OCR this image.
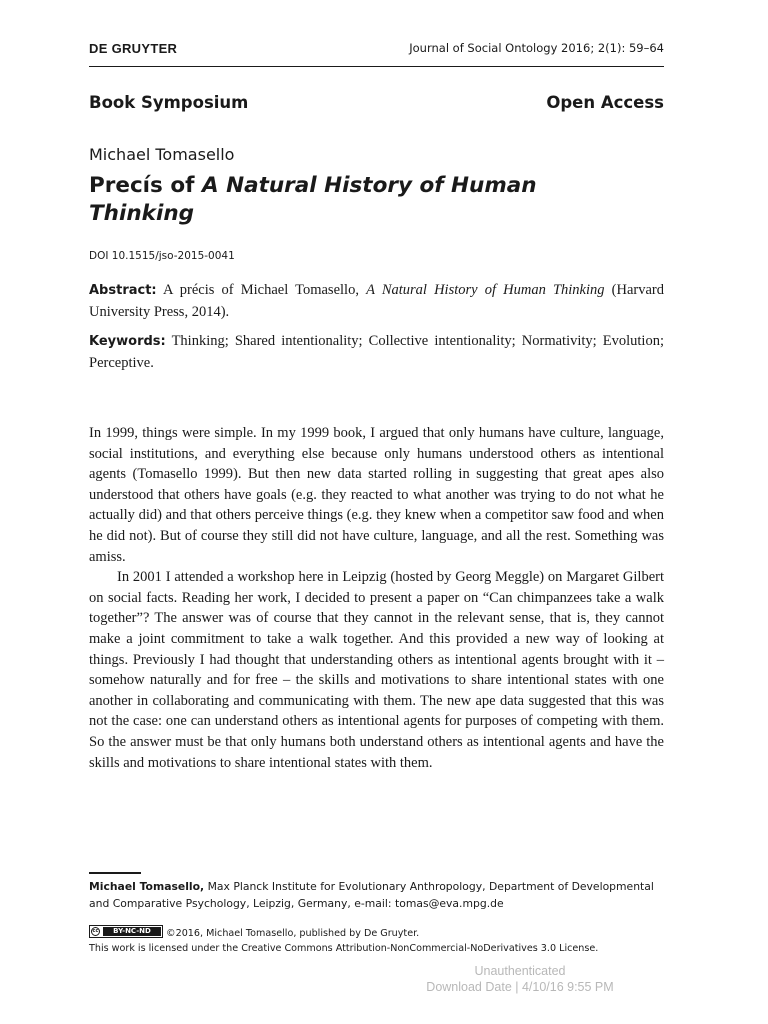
DE GRUYTER	Journal of Social Ontology 2016; 2(1): 59–64
Book Symposium	Open Access
Michael Tomasello
Precís of A Natural History of Human Thinking
DOI 10.1515/jso-2015-0041
Abstract: A précis of Michael Tomasello, A Natural History of Human Thinking (Harvard University Press, 2014).
Keywords: Thinking; Shared intentionality; Collective intentionality; Normativity; Evolution; Perceptive.

In 1999, things were simple. In my 1999 book, I argued that only humans have culture, language, social institutions, and everything else because only humans understood others as intentional agents (Tomasello 1999). But then new data started rolling in suggesting that great apes also understood that others have goals (e.g. they reacted to what another was trying to do not what he actually did) and that others perceive things (e.g. they knew when a competitor saw food and when he did not). But of course they still did not have culture, language, and all the rest. Something was amiss.

In 2001 I attended a workshop here in Leipzig (hosted by Georg Meggle) on Margaret Gilbert on social facts. Reading her work, I decided to present a paper on “Can chimpanzees take a walk together”? The answer was of course that they cannot in the relevant sense, that is, they cannot make a joint commitment to take a walk together. And this provided a new way of looking at things. Previously I had thought that understanding others as intentional agents brought with it – somehow naturally and for free – the skills and motivations to share intentional states with one another in collaborating and communicating with them. The new ape data suggested that this was not the case: one can understand others as intentional agents for purposes of competing with them. So the answer must be that only humans both understand others as intentional agents and have the skills and motivations to share intentional states with them.

Michael Tomasello, Max Planck Institute for Evolutionary Anthropology, Department of Developmental and Comparative Psychology, Leipzig, Germany, e-mail: tomas@eva.mpg.de
cc	BY-NC-ND	©2016, Michael Tomasello, published by De Gruyter.
This work is licensed under the Creative Commons Attribution-NonCommercial-NoDerivatives 3.0 License.
Unauthenticated
Download Date | 4/10/16 9:55 PM
